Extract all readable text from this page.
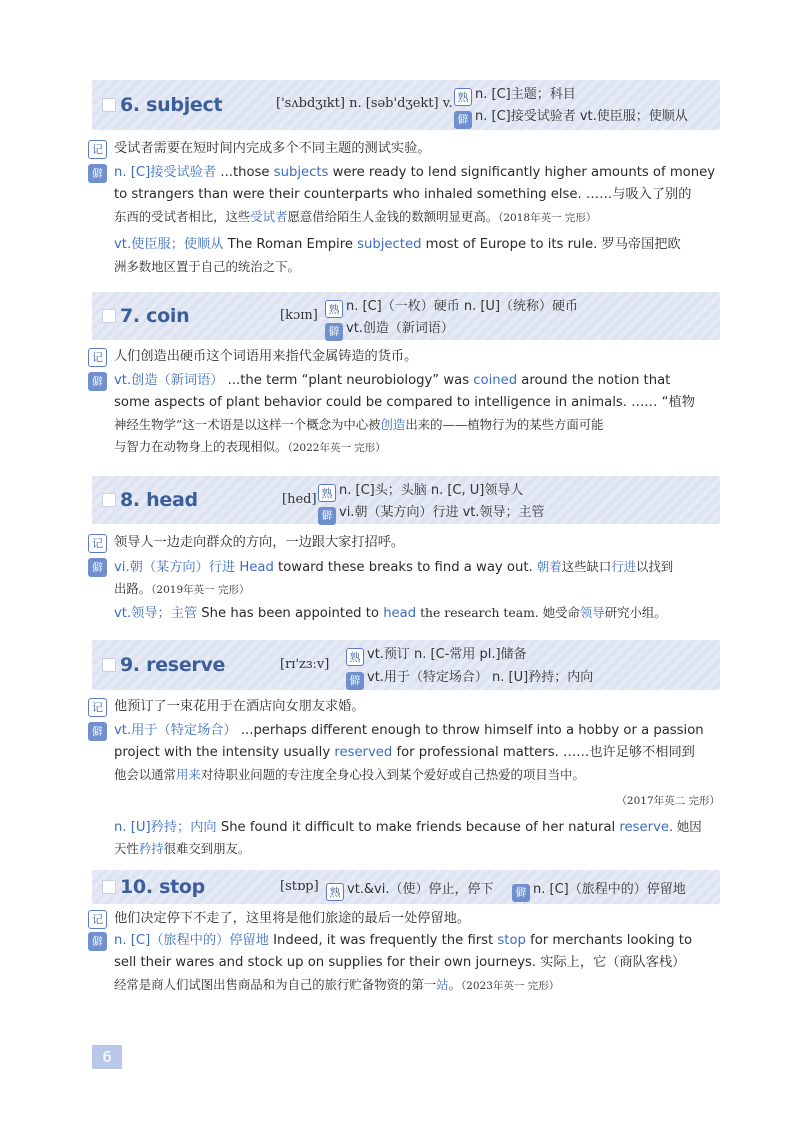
6. subject	['sʌbdʒɪkt] n. [səb'dʒekt] v. 熟 n. [C]主题；科目
僻 n. [C]接受试验者 vt.使臣服；使顺从
记 受试者需要在短时间内完成多个不同主题的测试实验。
僻 n. [C]接受试验者 ...those subjects were ready to lend significantly higher amounts of money
to strangers than were their counterparts who inhaled something else. ……与吸入了别的
东西的受试者相比，这些受试者愿意借给陌生人金钱的数额明显更高。（2018年英一 完形）
vt.使臣服；使顺从 The Roman Empire subjected most of Europe to its rule. 罗马帝国把欧
洲多数地区置于自己的统治之下。
7. coin	[kɔɪn] 熟 n. [C]（一枚）硬币 n. [U]（统称）硬币
僻 vt.创造（新词语）
记 人们创造出硬币这个词语用来指代金属铸造的货币。
僻 vt.创造（新词语） ...the term “plant neurobiology” was coined around the notion that
some aspects of plant behavior could be compared to intelligence in animals. …… “植物
神经生物学”这一术语是以这样一个概念为中心被创造出来的——植物行为的某些方面可能
与智力在动物身上的表现相似。（2022年英一 完形）
8. head	[hed] 熟 n. [C]头；头脑 n. [C, U]领导人
僻 vi.朝（某方向）行进 vt.领导；主管
记 领导人一边走向群众的方向，一边跟大家打招呼。
僻 vi.朝（某方向）行进 Head toward these breaks to find a way out. 朝着这些缺口行进以找到
出路。（2019年英一 完形）
vt.领导；主管 She has been appointed to head the research team. 她受命领导研究小组。
9. reserve	[rɪ'zɜːv]	熟 vt.预订 n. [C-常用 pl.]储备
僻 vt.用于（特定场合） n. [U]矜持；内向
记 他预订了一束花用于在酒店向女朋友求婚。
僻 vt.用于（特定场合） ...perhaps different enough to throw himself into a hobby or a passion
project with the intensity usually reserved for professional matters. ……也许足够不相同到
他会以通常用来对待职业问题的专注度全身心投入到某个爱好或自己热爱的项目当中。
（2017年英二 完形）
n. [U]矜持；内向 She found it difficult to make friends because of her natural reserve. 她因
天性矜持很难交到朋友。
10. stop	[stɒp] 熟 vt.&vi.（使）停止，停下	僻 n. [C]（旅程中的）停留地
记 他们决定停下不走了，这里将是他们旅途的最后一处停留地。
僻 n. [C]（旅程中的）停留地 Indeed, it was frequently the first stop for merchants looking to
sell their wares and stock up on supplies for their own journeys. 实际上，它（商队客栈）
经常是商人们试图出售商品和为自己的旅行贮备物资的第一站。（2023年英一 完形）
6
